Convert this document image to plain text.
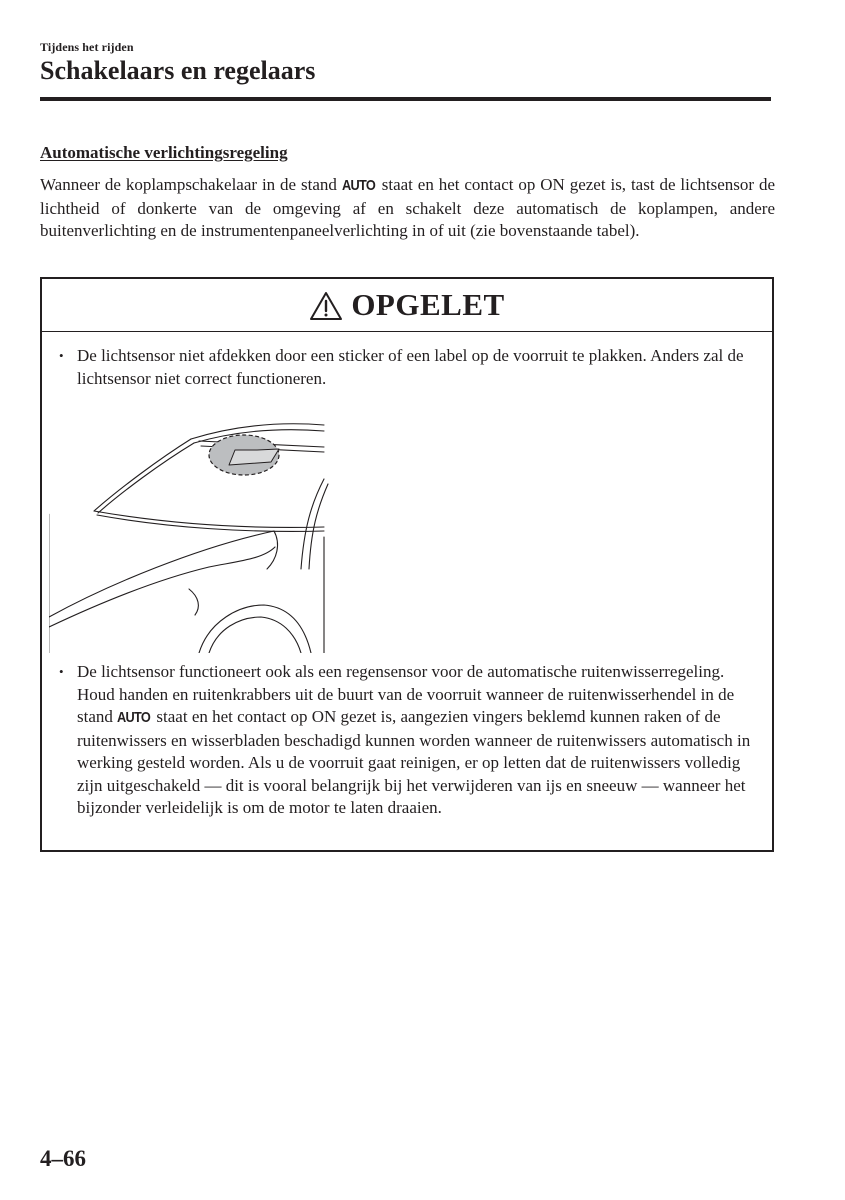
Tijdens het rijden
Schakelaars en regelaars
Automatische verlichtingsregeling

Wanneer de koplampschakelaar in de stand AUTO staat en het contact op ON gezet is, tast de lichtsensor de lichtheid of donkerte van de omgeving af en schakelt deze automatisch de koplampen, andere buitenverlichting en de instrumentenpaneelverlichting in of uit (zie bovenstaande tabel).

OPGELET
• De lichtsensor niet afdekken door een sticker of een label op de voorruit te plakken. Anders zal de lichtsensor niet correct functioneren.
• De lichtsensor functioneert ook als een regensensor voor de automatische ruitenwisserregeling. Houd handen en ruitenkrabbers uit de buurt van de voorruit wanneer de ruitenwisserhendel in de stand AUTO staat en het contact op ON gezet is, aangezien vingers beklemd kunnen raken of de ruitenwissers en wisserbladen beschadigd kunnen worden wanneer de ruitenwissers automatisch in werking gesteld worden. Als u de voorruit gaat reinigen, er op letten dat de ruitenwissers volledig zijn uitgeschakeld — dit is vooral belangrijk bij het verwijderen van ijs en sneeuw — wanneer het bijzonder verleidelijk is om de motor te laten draaien.
4–66
